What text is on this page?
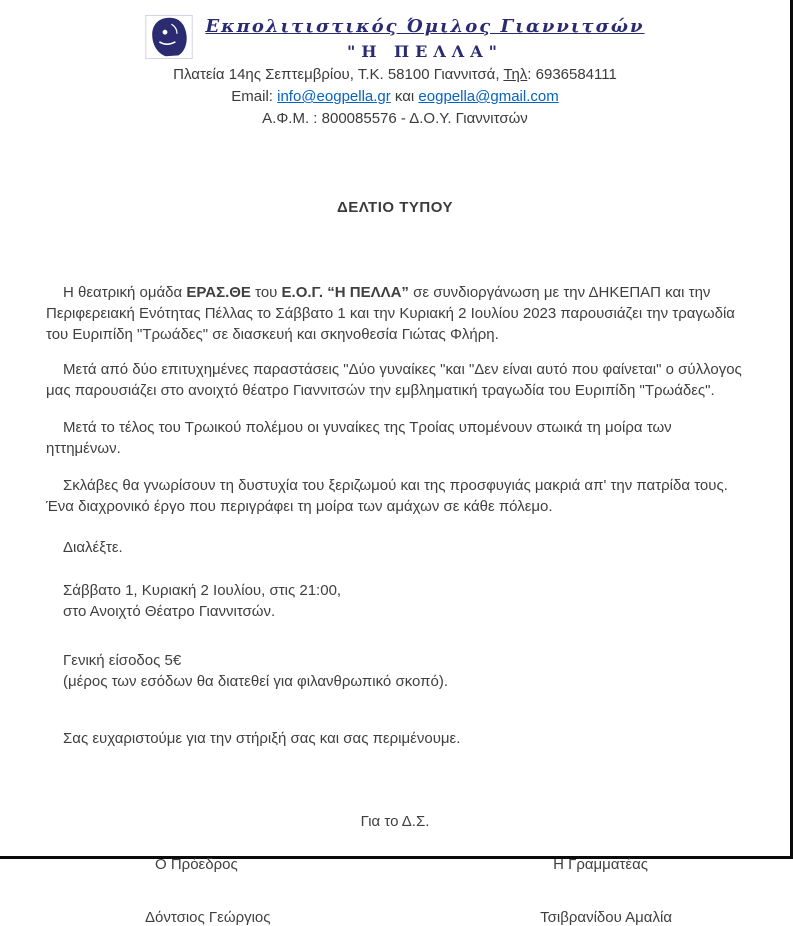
Εκπολιτιστικός Όμιλος Γιαννιτσών
"Η ΠΕΛΛΑ"
Πλατεία 14ης Σεπτεμβρίου, Τ.Κ. 58100 Γιαννιτσά, Τηλ: 6936584111
Email: info@eogpella.gr και eogpella@gmail.com
Α.Φ.Μ. : 800085576 - Δ.Ο.Υ. Γιαννιτσών
ΔΕΛΤΙΟ ΤΥΠΟΥ

Η θεατρική ομάδα ΕΡΑΣ.ΘΕ του Ε.Ο.Γ. “Η ΠΕΛΛΑ” σε συνδιοργάνωση με την ΔΗΚΕΠΑΠ και την Περιφερειακή Ενότητας Πέλλας το Σάββατο 1 και την Κυριακή 2 Ιουλίου 2023 παρουσιάζει την τραγωδία του Ευριπίδη "Τρωάδες" σε διασκευή και σκηνοθεσία Γιώτας Φλήρη.

Μετά από δύο επιτυχημένες παραστάσεις "Δύο γυναίκες "και "Δεν είναι αυτό που φαίνεται" ο σύλλογος μας παρουσιάζει στο ανοιχτό θέατρο Γιαννιτσών την εμβληματική τραγωδία του Ευριπίδη "Τρωάδες".

Μετά το τέλος του Τρωικού πολέμου οι γυναίκες της Τροίας υπομένουν στωικά τη μοίρα των ηττημένων.

Σκλάβες θα γνωρίσουν τη δυστυχία του ξεριζωμού και της προσφυγιάς μακριά απ' την πατρίδα τους. Ένα διαχρονικό έργο που περιγράφει τη μοίρα των αμάχων σε κάθε πόλεμο.

Διαλέξτε.

Σάββατο 1, Κυριακή 2 Ιουλίου, στις 21:00,
στο Ανοιχτό Θέατρο Γιαννιτσών.
Γενική είσοδος 5€
(μέρος των εσόδων θα διατεθεί για φιλανθρωπικό σκοπό).

Σας ευχαριστούμε για την στήριξή σας και σας περιμένουμε.

Για το Δ.Σ.
Ο Πρόεδρος	Η Γραμματέας
Δόντσιος Γεώργιος	Τσιβρανίδου Αμαλία
